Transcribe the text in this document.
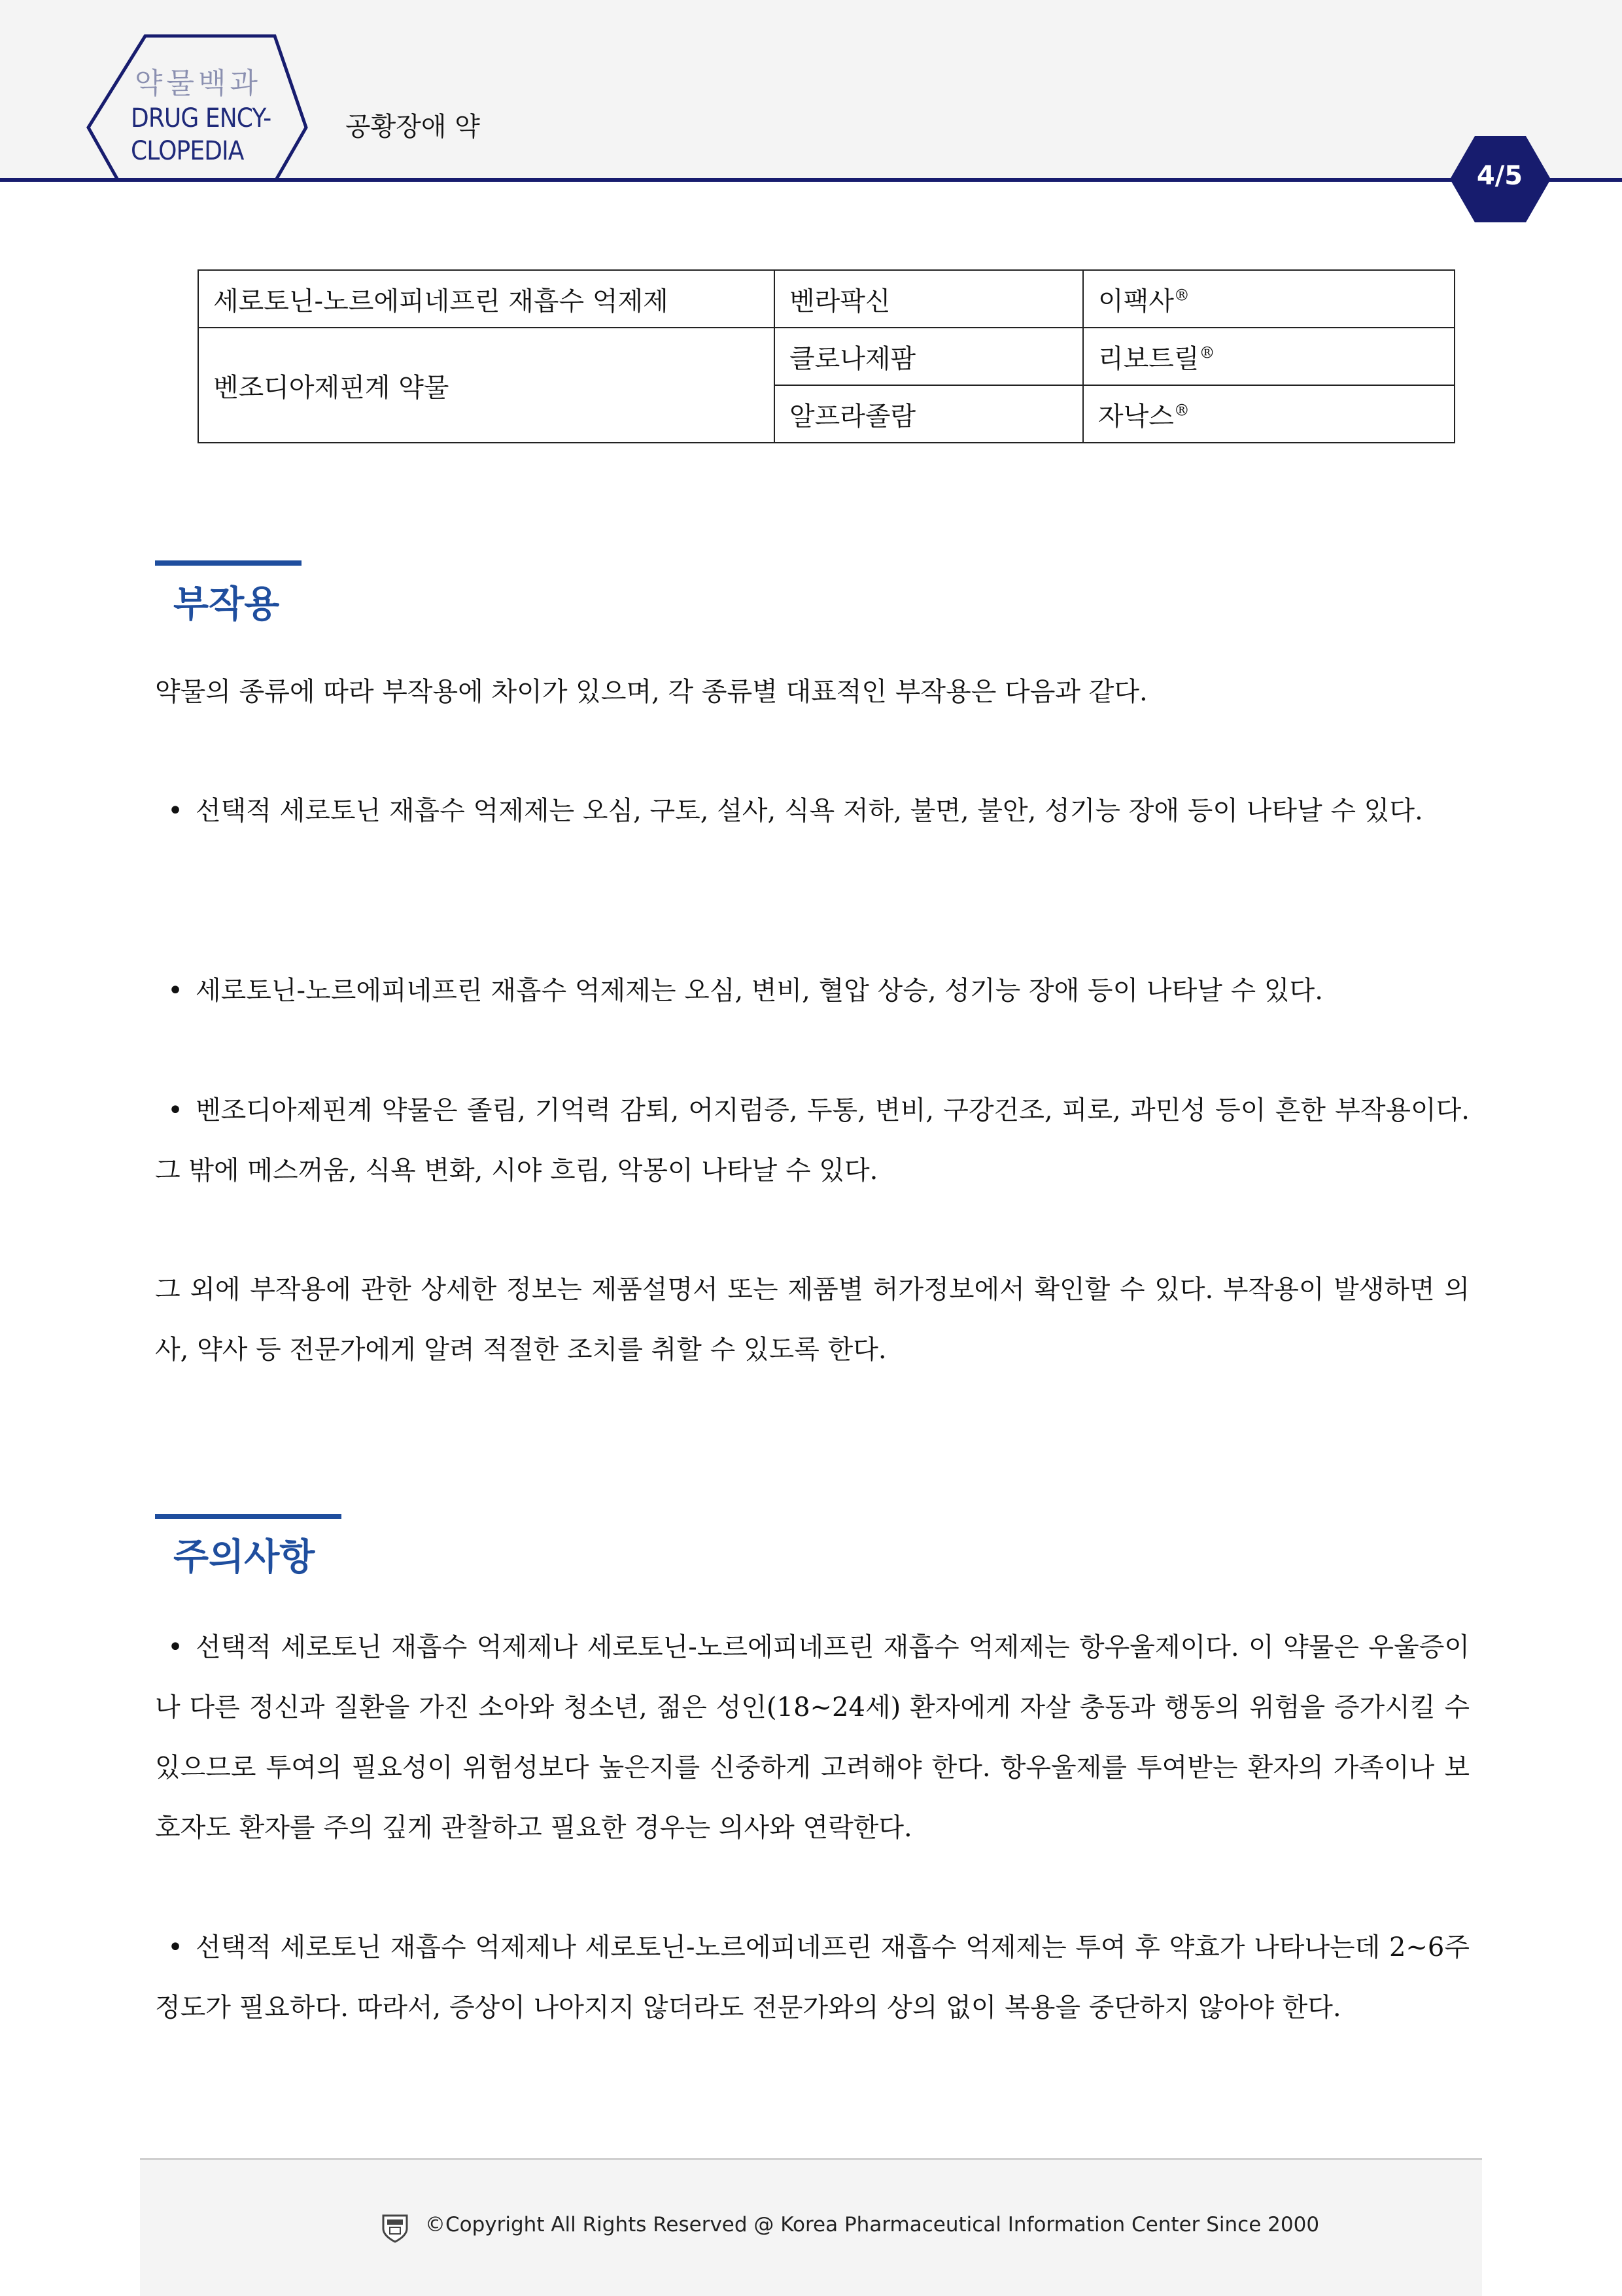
약물백과
DRUG ENCY-
CLOPEDIA
공황장애 약
4/5
세로토닌-노르에피네프린 재흡수 억제제	벤라팍신	이팩사®
벤조디아제핀계 약물	클로나제팜	리보트릴®
	알프라졸람	자낙스®
부작용
약물의 종류에 따라 부작용에 차이가 있으며, 각 종류별 대표적인 부작용은 다음과 같다.
• 선택적 세로토닌 재흡수 억제제는 오심, 구토, 설사, 식욕 저하, 불면, 불안, 성기능 장애 등이 나타날 수 있다.
• 세로토닌-노르에피네프린 재흡수 억제제는 오심, 변비, 혈압 상승, 성기능 장애 등이 나타날 수 있다.
• 벤조디아제핀계 약물은 졸림, 기억력 감퇴, 어지럼증, 두통, 변비, 구강건조, 피로, 과민성 등이 흔한 부작용이다. 그 밖에 메스꺼움, 식욕 변화, 시야 흐림, 악몽이 나타날 수 있다.
그 외에 부작용에 관한 상세한 정보는 제품설명서 또는 제품별 허가정보에서 확인할 수 있다. 부작용이 발생하면 의사, 약사 등 전문가에게 알려 적절한 조치를 취할 수 있도록 한다.
주의사항
• 선택적 세로토닌 재흡수 억제제나 세로토닌-노르에피네프린 재흡수 억제제는 항우울제이다. 이 약물은 우울증이나 다른 정신과 질환을 가진 소아와 청소년, 젊은 성인(18~24세) 환자에게 자살 충동과 행동의 위험을 증가시킬 수 있으므로 투여의 필요성이 위험성보다 높은지를 신중하게 고려해야 한다. 항우울제를 투여받는 환자의 가족이나 보호자도 환자를 주의 깊게 관찰하고 필요한 경우는 의사와 연락한다.
• 선택적 세로토닌 재흡수 억제제나 세로토닌-노르에피네프린 재흡수 억제제는 투여 후 약효가 나타나는데 2~6주 정도가 필요하다. 따라서, 증상이 나아지지 않더라도 전문가와의 상의 없이 복용을 중단하지 않아야 한다.
©Copyright All Rights Reserved @ Korea Pharmaceutical Information Center Since 2000
